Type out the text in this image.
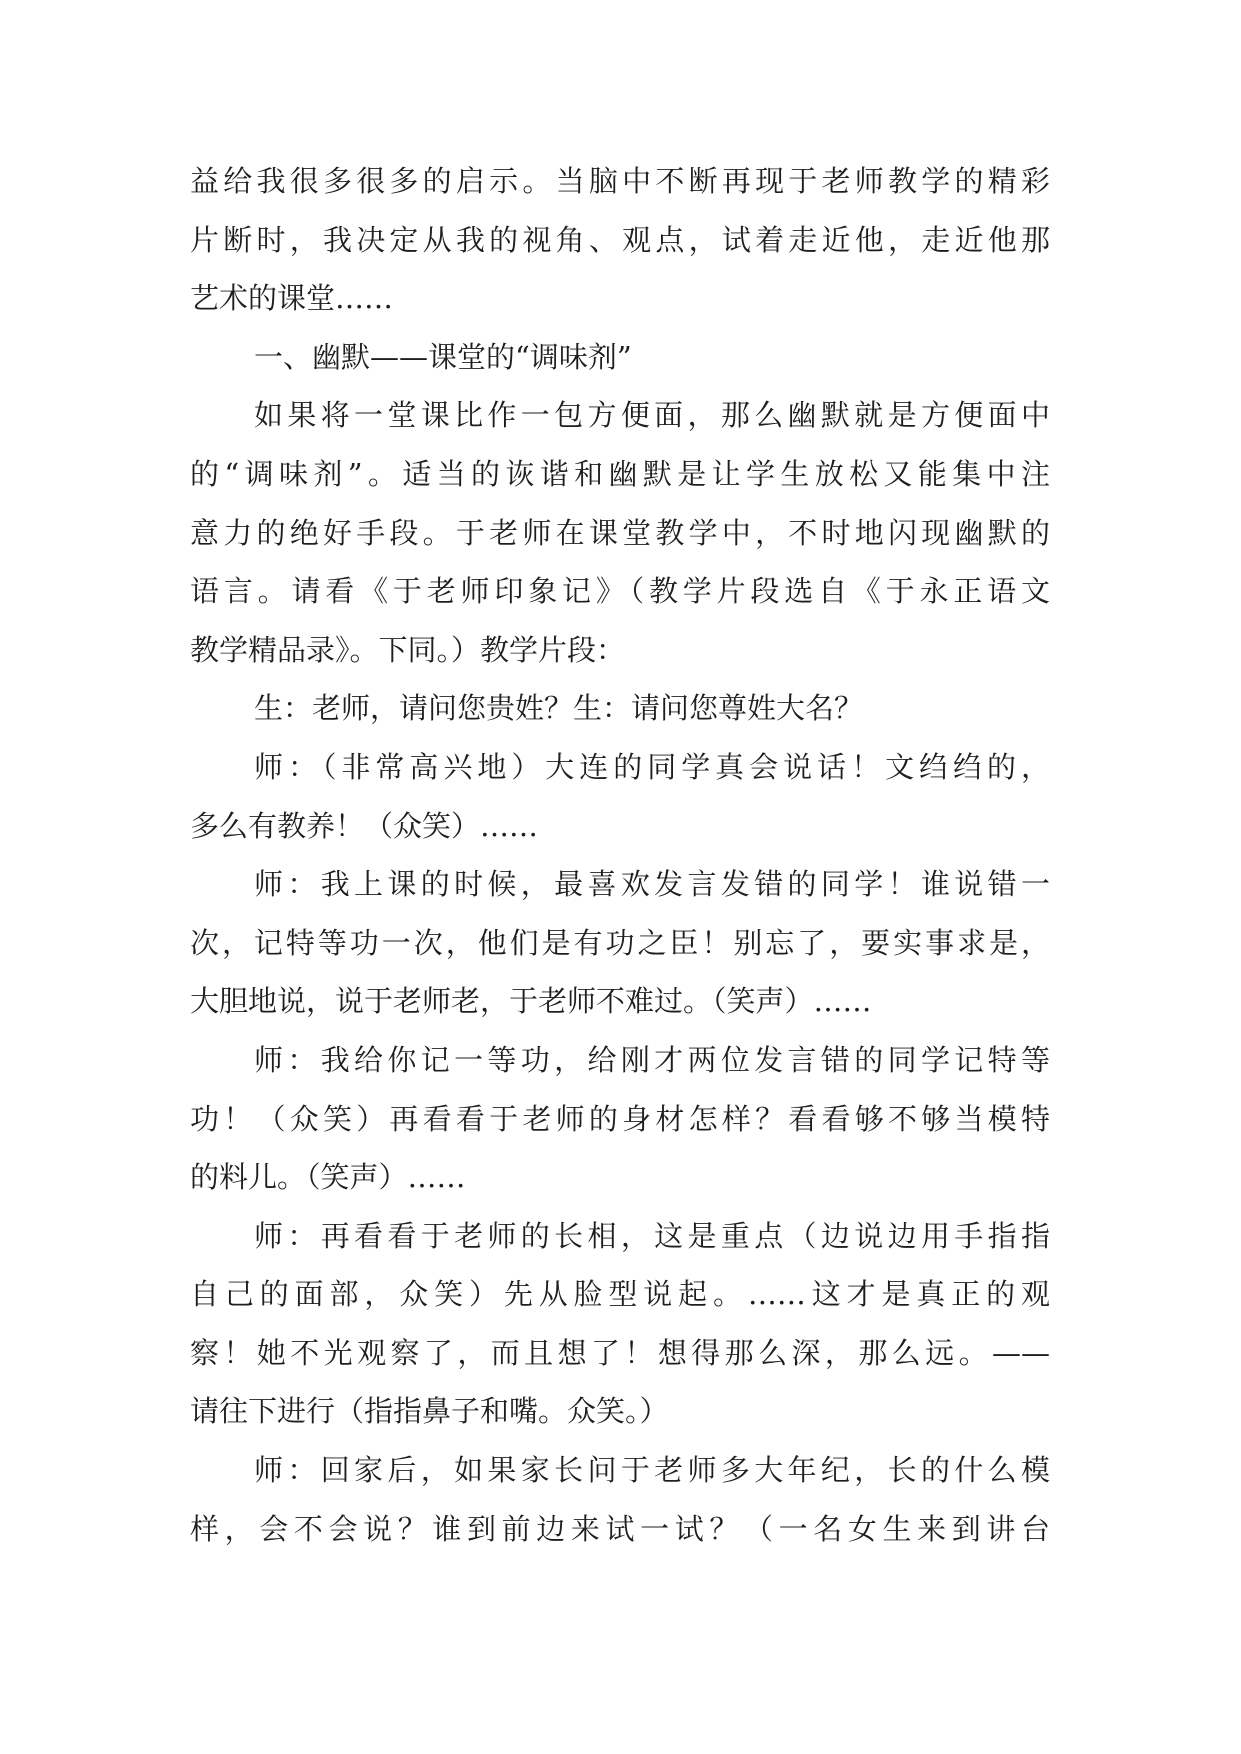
益给我很多很多的启示。当脑中不断再现于老师教学的精彩
片断时，我决定从我的视角、观点，试着走近他，走近他那
艺术的课堂……
一、幽默——课堂的“调味剂”
如果将一堂课比作一包方便面，那么幽默就是方便面中
的“调味剂”。适当的诙谐和幽默是让学生放松又能集中注
意力的绝好手段。于老师在课堂教学中，不时地闪现幽默的
语言。请看《于老师印象记》（教学片段选自《于永正语文
教学精品录》。下同。）教学片段：
生：老师，请问您贵姓？生：请问您尊姓大名？
师：（非常高兴地）大连的同学真会说话！文绉绉的，
多么有教养！（众笑）……
师：我上课的时候，最喜欢发言发错的同学！谁说错一
次，记特等功一次，他们是有功之臣！别忘了，要实事求是，
大胆地说，说于老师老，于老师不难过。（笑声）……
师：我给你记一等功，给刚才两位发言错的同学记特等
功！（众笑）再看看于老师的身材怎样？看看够不够当模特
的料儿。（笑声）……
师：再看看于老师的长相，这是重点（边说边用手指指
自己的面部，众笑）先从脸型说起。……这才是真正的观
察！她不光观察了，而且想了！想得那么深，那么远。——
请往下进行（指指鼻子和嘴。众笑。）
师：回家后，如果家长问于老师多大年纪，长的什么模
样，会不会说？谁到前边来试一试？（一名女生来到讲台
